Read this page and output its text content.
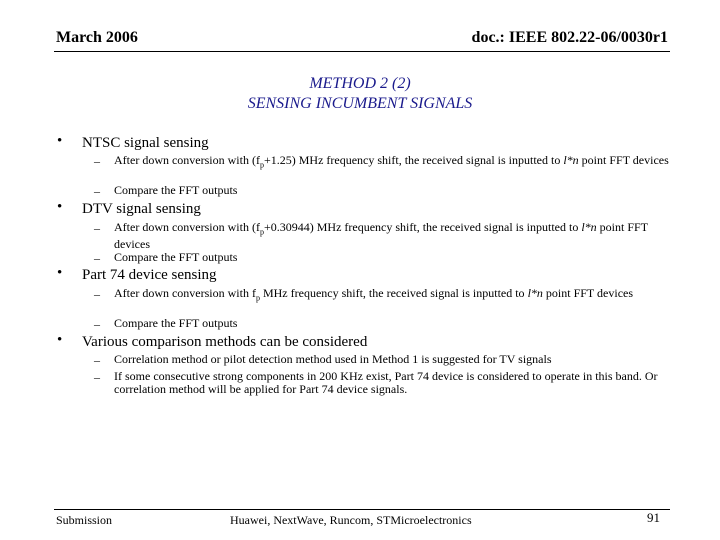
March 2006	doc.: IEEE 802.22-06/0030r1
METHOD 2 (2)
SENSING INCUMBENT SIGNALS
• NTSC signal sensing
– After down conversion with $(f_p+1.25)$ MHz frequency shift, the received signal is inputted to l*n point FFT devices
– Compare the FFT outputs
• DTV signal sensing
– After down conversion with $(f_p+0.30944)$ MHz frequency shift, the received signal is inputted to l*n point FFT devices
– Compare the FFT outputs
• Part 74 device sensing
– After down conversion with $f_p$ MHz frequency shift, the received signal is inputted to l*n point FFT devices
– Compare the FFT outputs
• Various comparison methods can be considered
– Correlation method or pilot detection method used in Method 1 is suggested for TV signals
– If some consecutive strong components in 200 KHz exist, Part 74 device is considered to operate in this band. Or correlation method will be applied for Part 74 device signals.
Submission	Huawei, NextWave, Runcom, STMicroelectronics	91
